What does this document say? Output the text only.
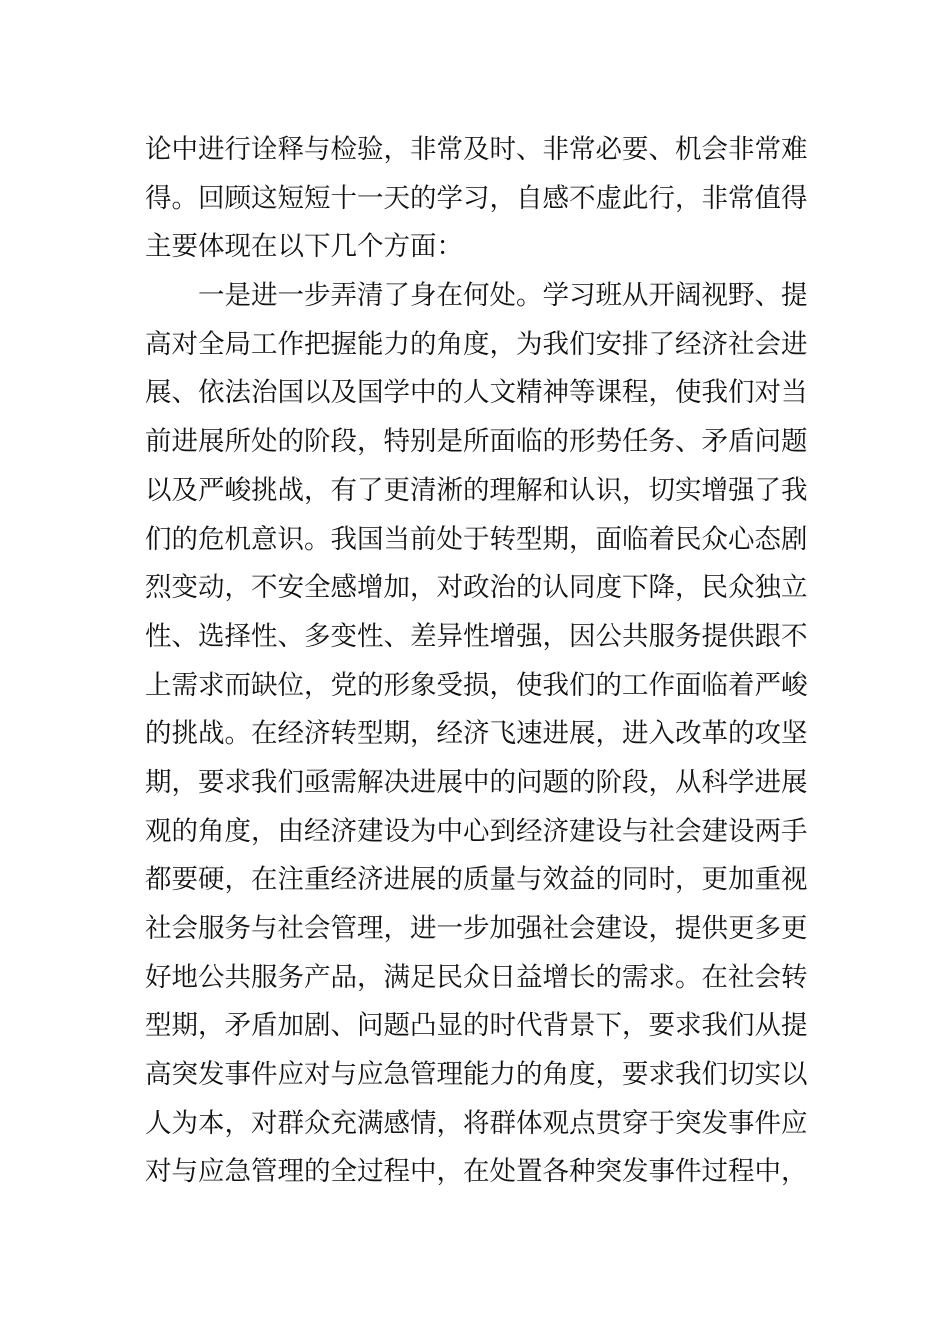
论中进行诠释与检验，非常及时、非常必要、机会非常难
得。回顾这短短十一天的学习，自感不虚此行，非常值得
主要体现在以下几个方面：
一是进一步弄清了身在何处。学习班从开阔视野、提
高对全局工作把握能力的角度，为我们安排了经济社会进
展、依法治国以及国学中的人文精神等课程，使我们对当
前进展所处的阶段，特别是所面临的形势任务、矛盾问题
以及严峻挑战，有了更清淅的理解和认识，切实增强了我
们的危机意识。我国当前处于转型期，面临着民众心态剧
烈变动，不安全感增加，对政治的认同度下降，民众独立
性、选择性、多变性、差异性增强，因公共服务提供跟不
上需求而缺位，党的形象受损，使我们的工作面临着严峻
的挑战。在经济转型期，经济飞速进展，进入改革的攻坚
期，要求我们亟需解决进展中的问题的阶段，从科学进展
观的角度，由经济建设为中心到经济建设与社会建设两手
都要硬，在注重经济进展的质量与效益的同时，更加重视
社会服务与社会管理，进一步加强社会建设，提供更多更
好地公共服务产品，满足民众日益增长的需求。在社会转
型期，矛盾加剧、问题凸显的时代背景下，要求我们从提
高突发事件应对与应急管理能力的角度，要求我们切实以
人为本，对群众充满感情，将群体观点贯穿于突发事件应
对与应急管理的全过程中，在处置各种突发事件过程中，
